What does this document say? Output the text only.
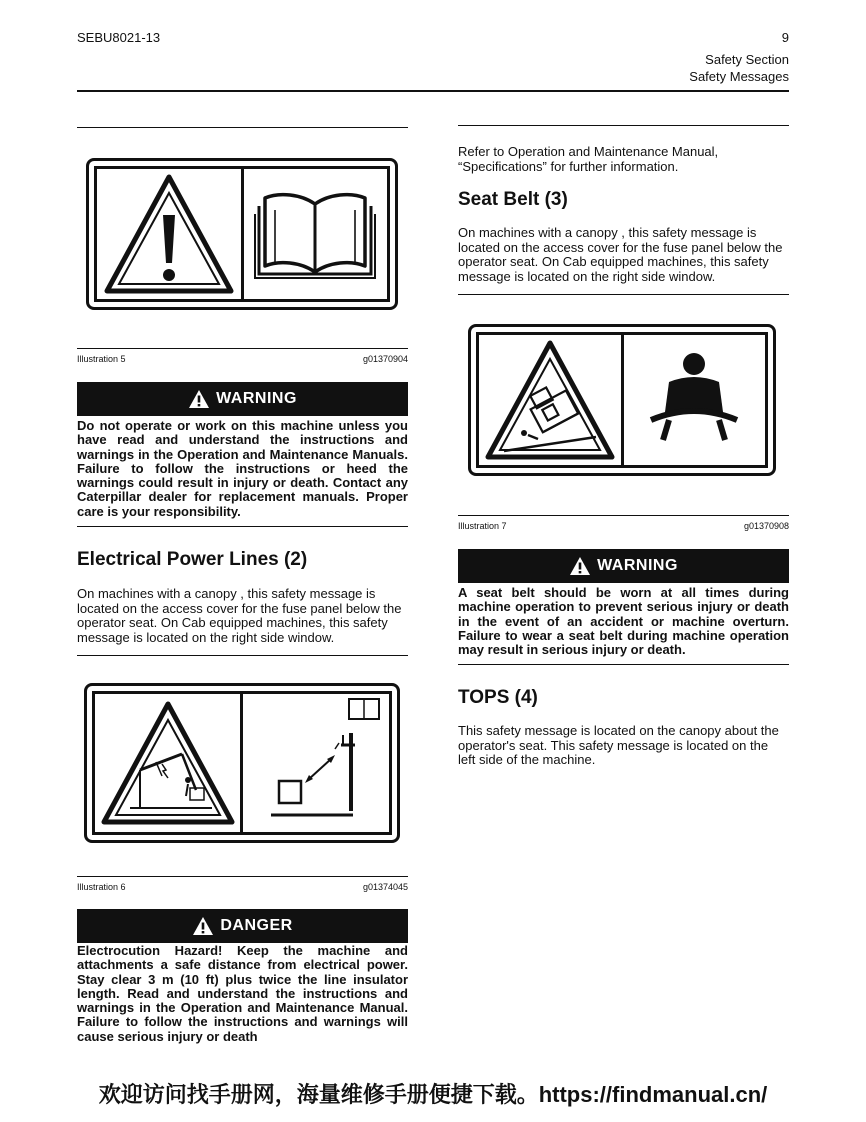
SEBU8021-13	9
Safety Section
Safety Messages
Illustration 5	g01370904
WARNING
Do not operate or work on this machine unless you have read and understand the instructions and warnings in the Operation and Maintenance Manuals. Failure to follow the instructions or heed the warnings could result in injury or death. Contact any Caterpillar dealer for replacement manuals. Proper care is your responsibility.
Electrical Power Lines (2)
On machines with a canopy , this safety message is located on the access cover for the fuse panel below the operator seat. On Cab equipped machines, this safety message is located on the right side window.
Illustration 6	g01374045
DANGER
Electrocution Hazard! Keep the machine and attachments a safe distance from electrical power. Stay clear 3 m (10 ft) plus twice the line insulator length. Read and understand the instructions and warnings in the Operation and Maintenance Manual. Failure to follow the instructions and warnings will cause serious injury or death
Refer to Operation and Maintenance Manual, “Specifications” for further information.
Seat Belt (3)
On machines with a canopy , this safety message is located on the access cover for the fuse panel below the operator seat. On Cab equipped machines, this safety message is located on the right side window.
Illustration 7	g01370908
WARNING
A seat belt should be worn at all times during machine operation to prevent serious injury or death in the event of an accident or machine overturn. Failure to wear a seat belt during machine operation may result in serious injury or death.
TOPS (4)
This safety message is located on the canopy about the operator's seat. This safety message is located on the left side of the machine.
欢迎访问找手册网，海量维修手册便捷下载。https://findmanual.cn/
